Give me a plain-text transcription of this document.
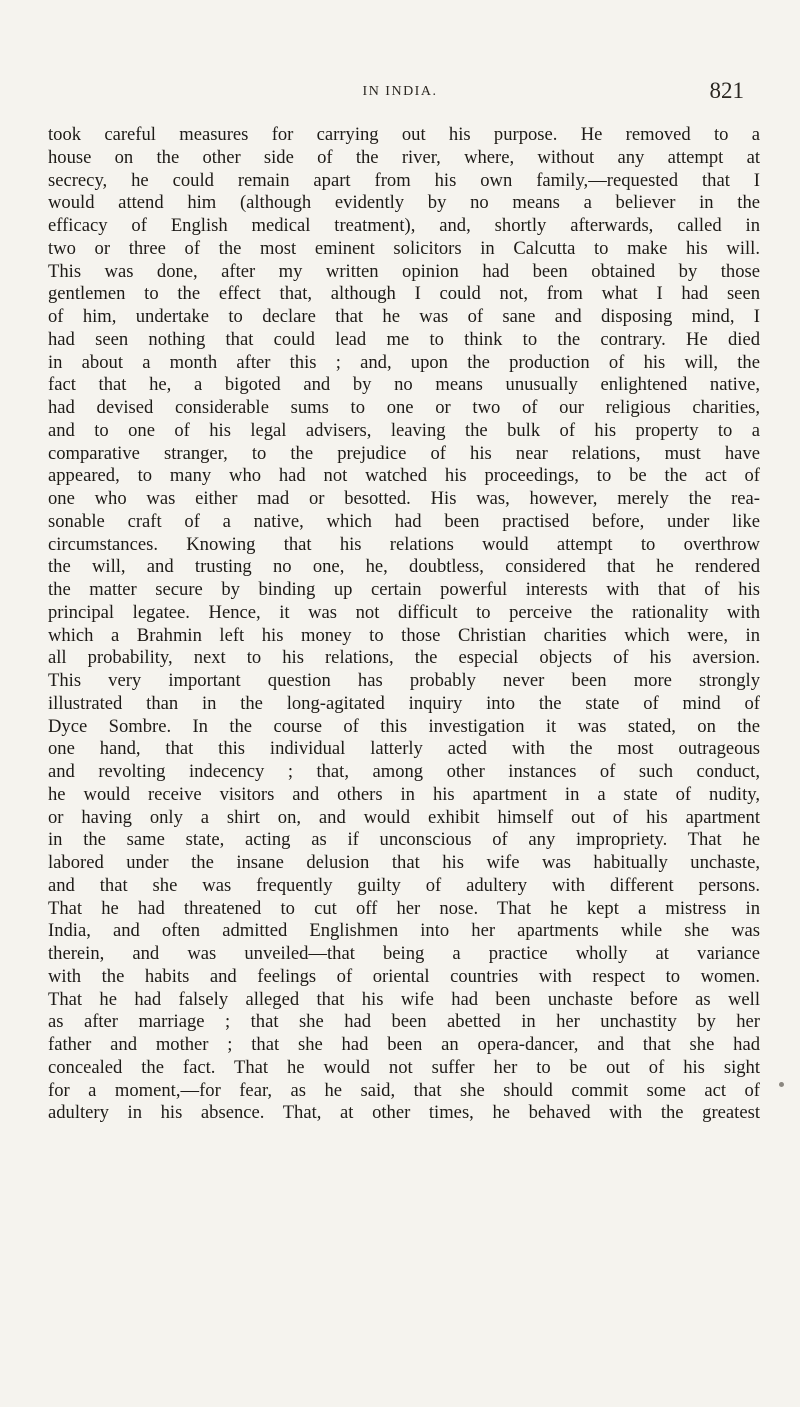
IN INDIA.	821
took careful measures for carrying out his purpose. He removed to a
house on the other side of the river, where, without any attempt at
secrecy, he could remain apart from his own family,—requested that I
would attend him (although evidently by no means a believer in the
efficacy of English medical treatment), and, shortly afterwards, called in
two or three of the most eminent solicitors in Calcutta to make his will.
This was done, after my written opinion had been obtained by those
gentlemen to the effect that, although I could not, from what I had seen
of him, undertake to declare that he was of sane and disposing mind, I
had seen nothing that could lead me to think to the contrary. He died
in about a month after this ; and, upon the production of his will, the
fact that he, a bigoted and by no means unusually enlightened native,
had devised considerable sums to one or two of our religious charities,
and to one of his legal advisers, leaving the bulk of his property to a
comparative stranger, to the prejudice of his near relations, must have
appeared, to many who had not watched his proceedings, to be the act of
one who was either mad or besotted. His was, however, merely the rea-
sonable craft of a native, which had been practised before, under like
circumstances. Knowing that his relations would attempt to overthrow
the will, and trusting no one, he, doubtless, considered that he rendered
the matter secure by binding up certain powerful interests with that of his
principal legatee. Hence, it was not difficult to perceive the rationality with
which a Brahmin left his money to those Christian charities which were, in
all probability, next to his relations, the especial objects of his aversion.
This very important question has probably never been more strongly
illustrated than in the long-agitated inquiry into the state of mind of
Dyce Sombre. In the course of this investigation it was stated, on the
one hand, that this individual latterly acted with the most outrageous
and revolting indecency ; that, among other instances of such conduct,
he would receive visitors and others in his apartment in a state of nudity,
or having only a shirt on, and would exhibit himself out of his apartment
in the same state, acting as if unconscious of any impropriety. That he
labored under the insane delusion that his wife was habitually unchaste,
and that she was frequently guilty of adultery with different persons.
That he had threatened to cut off her nose. That he kept a mistress in
India, and often admitted Englishmen into her apartments while she was
therein, and was unveiled—that being a practice wholly at variance
with the habits and feelings of oriental countries with respect to women.
That he had falsely alleged that his wife had been unchaste before as well
as after marriage ; that she had been abetted in her unchastity by her
father and mother ; that she had been an opera-dancer, and that she had
concealed the fact. That he would not suffer her to be out of his sight
for a moment,—for fear, as he said, that she should commit some act of
adultery in his absence. That, at other times, he behaved with the greatest
